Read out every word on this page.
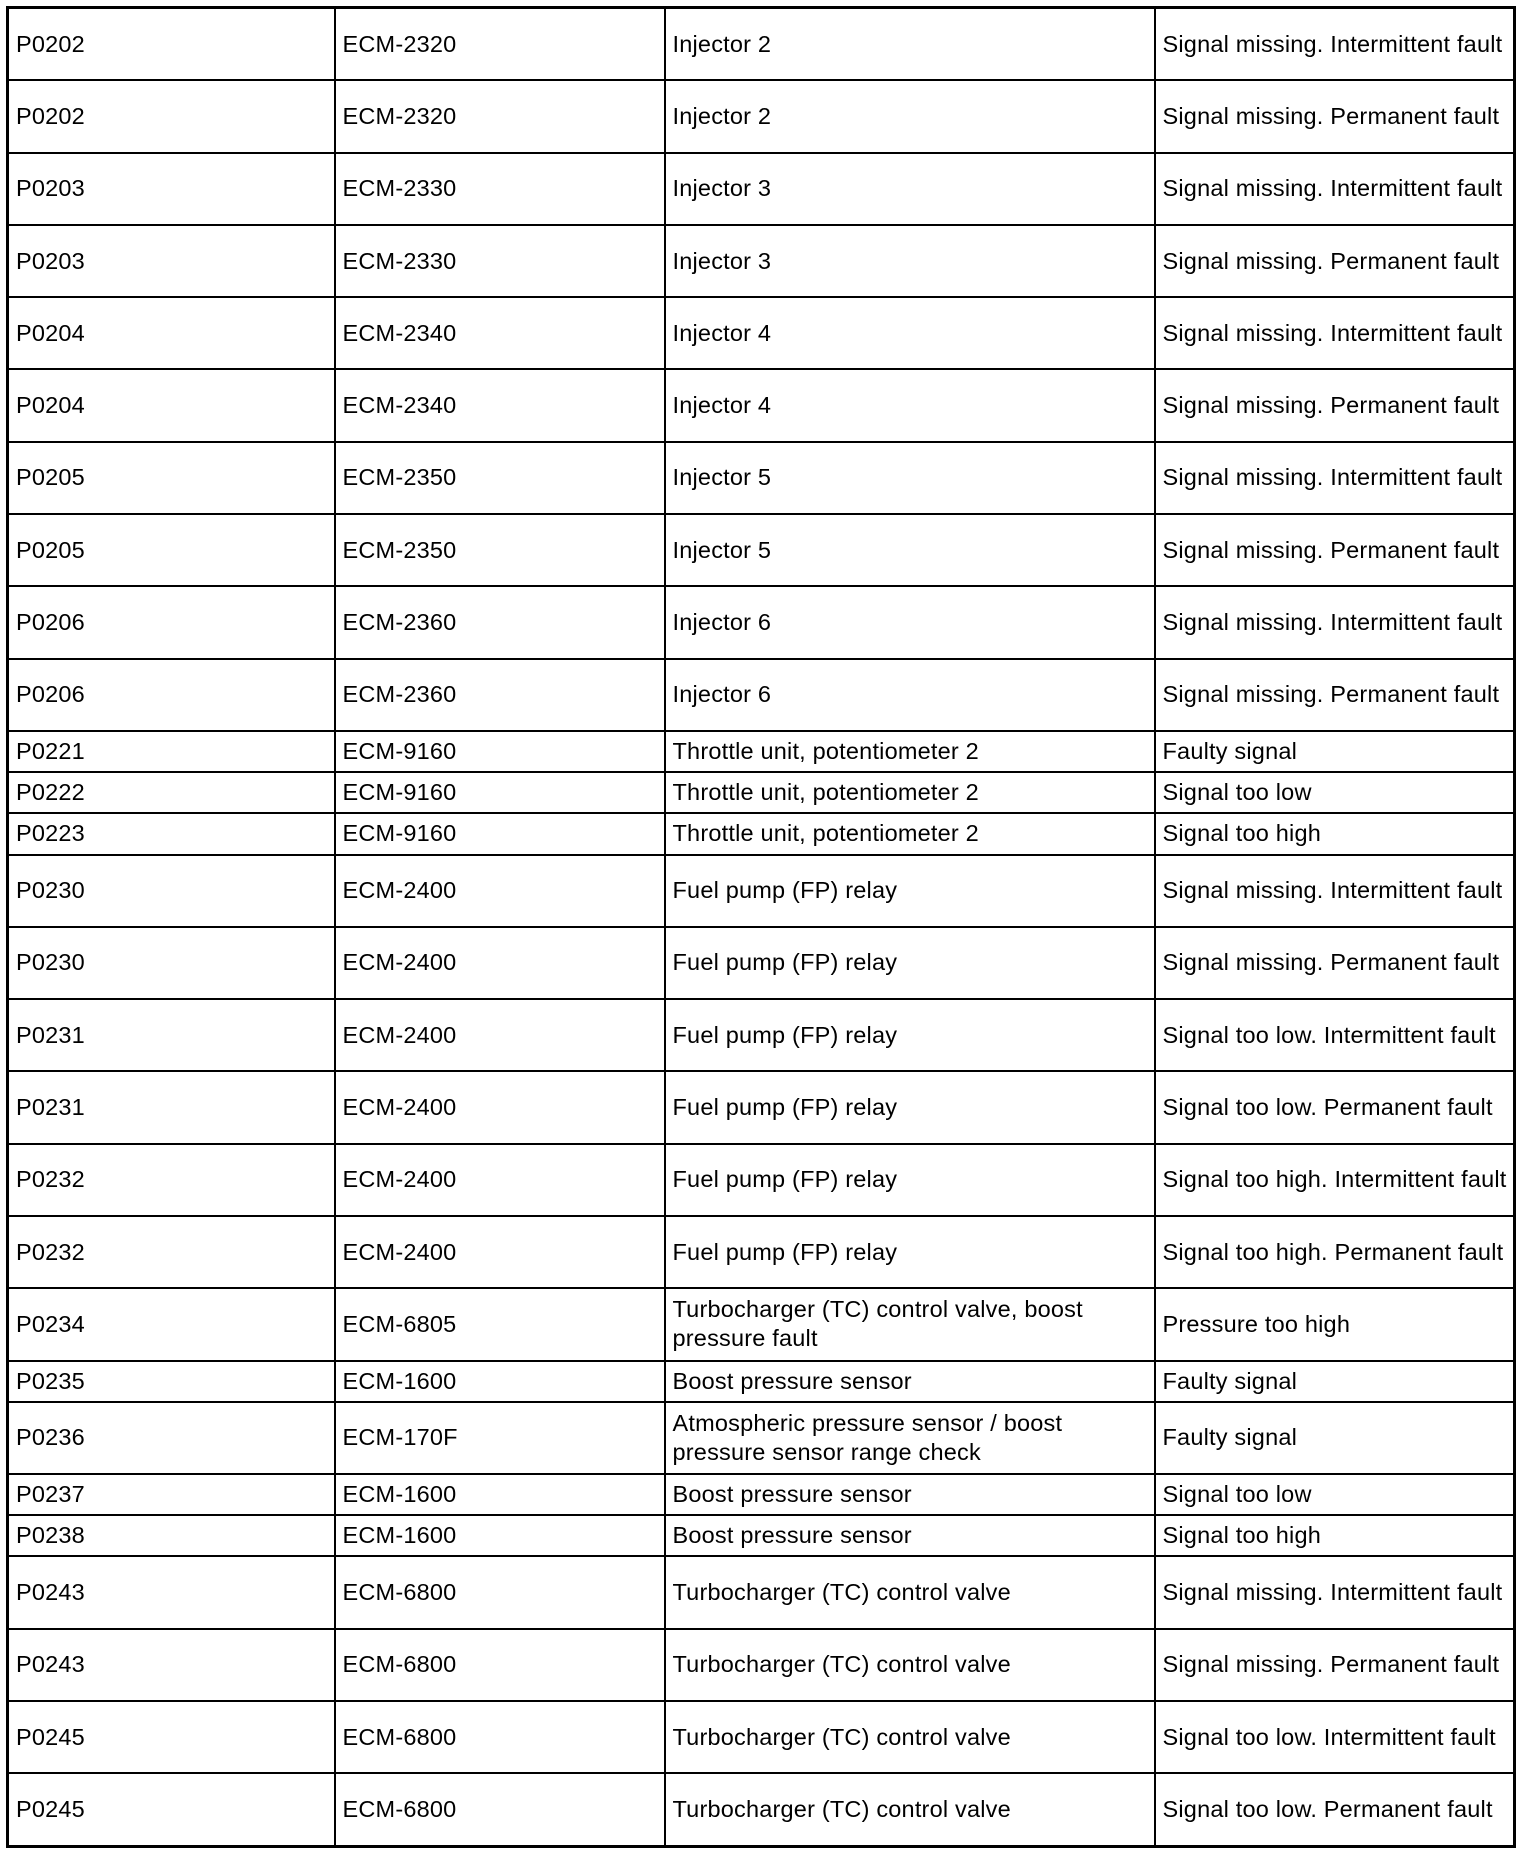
P0202	ECM-2320	Injector 2	Signal missing. Intermittent fault
P0202	ECM-2320	Injector 2	Signal missing. Permanent fault
P0203	ECM-2330	Injector 3	Signal missing. Intermittent fault
P0203	ECM-2330	Injector 3	Signal missing. Permanent fault
P0204	ECM-2340	Injector 4	Signal missing. Intermittent fault
P0204	ECM-2340	Injector 4	Signal missing. Permanent fault
P0205	ECM-2350	Injector 5	Signal missing. Intermittent fault
P0205	ECM-2350	Injector 5	Signal missing. Permanent fault
P0206	ECM-2360	Injector 6	Signal missing. Intermittent fault
P0206	ECM-2360	Injector 6	Signal missing. Permanent fault
P0221	ECM-9160	Throttle unit, potentiometer 2	Faulty signal
P0222	ECM-9160	Throttle unit, potentiometer 2	Signal too low
P0223	ECM-9160	Throttle unit, potentiometer 2	Signal too high
P0230	ECM-2400	Fuel pump (FP) relay	Signal missing. Intermittent fault
P0230	ECM-2400	Fuel pump (FP) relay	Signal missing. Permanent fault
P0231	ECM-2400	Fuel pump (FP) relay	Signal too low. Intermittent fault
P0231	ECM-2400	Fuel pump (FP) relay	Signal too low. Permanent fault
P0232	ECM-2400	Fuel pump (FP) relay	Signal too high. Intermittent fault
P0232	ECM-2400	Fuel pump (FP) relay	Signal too high. Permanent fault
P0234	ECM-6805	Turbocharger (TC) control valve, boost pressure fault	Pressure too high
P0235	ECM-1600	Boost pressure sensor	Faulty signal
P0236	ECM-170F	Atmospheric pressure sensor / boost pressure sensor range check	Faulty signal
P0237	ECM-1600	Boost pressure sensor	Signal too low
P0238	ECM-1600	Boost pressure sensor	Signal too high
P0243	ECM-6800	Turbocharger (TC) control valve	Signal missing. Intermittent fault
P0243	ECM-6800	Turbocharger (TC) control valve	Signal missing. Permanent fault
P0245	ECM-6800	Turbocharger (TC) control valve	Signal too low. Intermittent fault
P0245	ECM-6800	Turbocharger (TC) control valve	Signal too low. Permanent fault
